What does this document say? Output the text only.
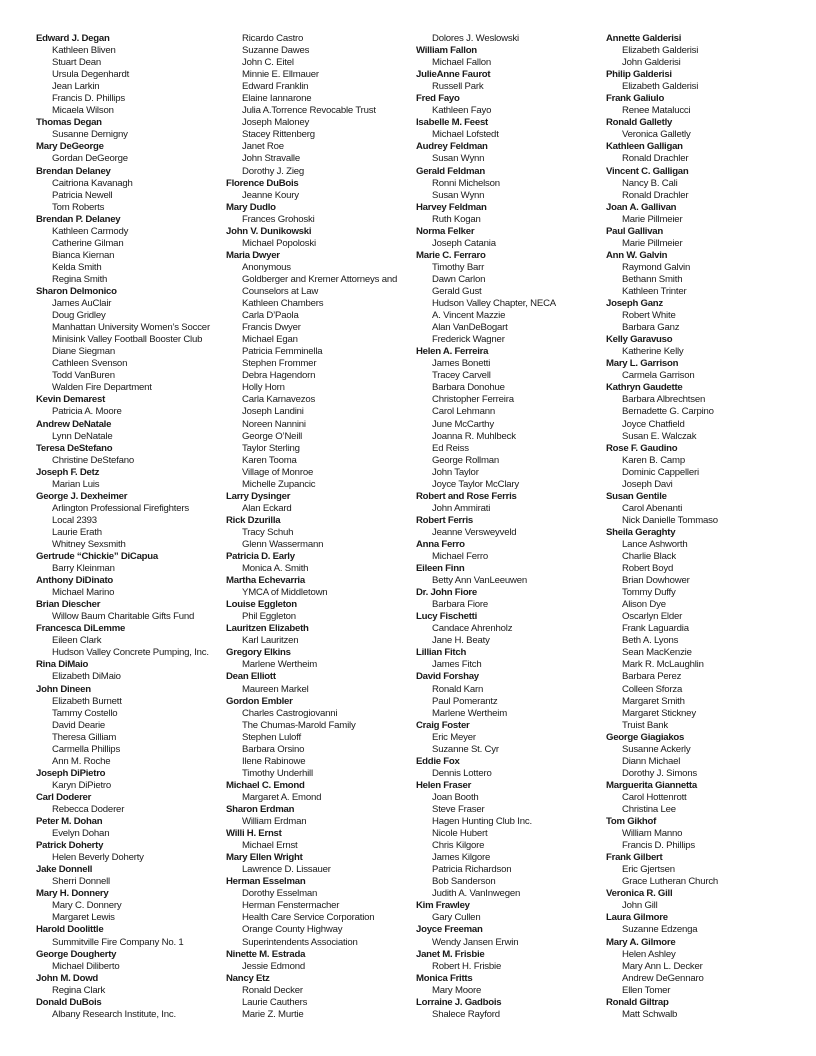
Edward J. Degan
Kathleen Bliven
Stuart Dean
Ursula Degenhardt
Jean Larkin
Francis D. Phillips
Micaela Wilson
Thomas Degan
Susanne Dernigny
Mary DeGeorge
Gordan DeGeorge
Brendan Delaney
Caitriona Kavanagh
Patricia Newell
Tom Roberts
Brendan P. Delaney
Kathleen Carmody
Catherine Gilman
Bianca Kiernan
Kelda Smith
Regina Smith
Sharon Delmonico
James AuClair
Doug Gridley
Manhattan University Women’s Soccer
Minisink Valley Football Booster Club
Diane Siegman
Cathleen Svenson
Todd VanBuren
Walden Fire Department
Kevin Demarest
Patricia A. Moore
Andrew DeNatale
Lynn DeNatale
Teresa DeStefano
Christine DeStefano
Joseph F. Detz
Marian Luis
George J. Dexheimer
Arlington Professional Firefighters Local 2393
Laurie Erath
Whitney Sexsmith
Gertrude “Chickie” DiCapua
Barry Kleinman
Anthony DiDinato
Michael Marino
Brian Diescher
Willow Baum Charitable Gifts Fund
Francesca DiLemme
Eileen Clark
Hudson Valley Concrete Pumping, Inc.
Rina DiMaio
Elizabeth DiMaio
John Dineen
Elizabeth Burnett
Tammy Costello
David Dearie
Theresa Gilliam
Carmella Phillips
Ann M. Roche
Joseph DiPietro
Karyn DiPietro
Carl Doderer
Rebecca Doderer
Peter M. Dohan
Evelyn Dohan
Patrick Doherty
Helen Beverly Doherty
Jake Donnell
Sherri Donnell
Mary H. Donnery
Mary C. Donnery
Margaret Lewis
Harold Doolittle
Summitville Fire Company No. 1
George Dougherty
Michael Diliberto
John M. Dowd
Regina Clark
Donald DuBois
Albany Research Institute, Inc.
Ricardo Castro
Suzanne Dawes
John C. Eitel
Minnie E. Ellmauer
Edward Franklin
Elaine Iannarone
Julia A.Torrence Revocable Trust
Joseph Maloney
Stacey Rittenberg
Janet Roe
John Stravalle
Dorothy J. Zieg
Florence DuBois
Jeanne Koury
Mary Dudlo
Frances Grohoski
John V. Dunikowski
Michael Popoloski
Maria Dwyer
Anonymous
Goldberger and Kremer Attorneys and Counselors at Law
Kathleen Chambers
Carla D’Paola
Francis Dwyer
Michael Egan
Patricia Femminella
Stephen Frommer
Debra Hagendorn
Holly Horn
Carla Karnavezos
Joseph Landini
Noreen Nannini
George O’Neill
Taylor Sterling
Karen Tooma
Village of Monroe
Michelle Zupancic
Larry Dysinger
Alan Eckard
Rick Dzurilla
Tracy Schuh
Glenn Wassermann
Patricia D. Early
Monica A. Smith
Martha Echevarria
YMCA of Middletown
Louise Eggleton
Phil Eggleton
Lauritzen Elizabeth
Karl Lauritzen
Gregory Elkins
Marlene Wertheim
Dean Elliott
Maureen Markel
Gordon Embler
Charles Castrogiovanni
The Chumas-Marold Family
Stephen Luloff
Barbara Orsino
Ilene Rabinowe
Timothy Underhill
Michael C. Emond
Margaret A. Emond
Sharon Erdman
William Erdman
Willi H. Ernst
Michael Ernst
Mary Ellen Wright
Lawrence D. Lissauer
Herman Esselman
Dorothy Esselman
Herman Fenstermacher
Health Care Service Corporation
Orange County Highway Superintendents Association
Ninette M. Estrada
Jessie Edmond
Nancy Etz
Ronald Decker
Laurie Cauthers
Marie Z. Murtie
Dolores J. Weslowski
William Fallon
Michael Fallon
JulieAnne Faurot
Russell Park
Fred Fayo
Kathleen Fayo
Isabelle M. Feest
Michael Lofstedt
Audrey Feldman
Susan Wynn
Gerald Feldman
Ronni Michelson
Susan Wynn
Harvey Feldman
Ruth Kogan
Norma Felker
Joseph Catania
Marie C. Ferraro
Timothy Barr
Dawn Carlon
Gerald Gust
Hudson Valley Chapter, NECA
A. Vincent Mazzie
Alan VanDeBogart
Frederick Wagner
Helen A. Ferreira
James Bonetti
Tracey Carvell
Barbara Donohue
Christopher Ferreira
Carol Lehmann
June McCarthy
Joanna R. Muhlbeck
Ed Reiss
George Rollman
John Taylor
Joyce Taylor McClary
Robert and Rose Ferris
John Ammirati
Robert Ferris
Jeanne Versweyveld
Anna Ferro
Michael Ferro
Eileen Finn
Betty Ann VanLeeuwen
Dr. John Fiore
Barbara Fiore
Lucy Fischetti
Candace Ahrenholz
Jane H. Beaty
Lillian Fitch
James Fitch
David Forshay
Ronald Karn
Paul Pomerantz
Marlene Wertheim
Craig Foster
Eric Meyer
Suzanne St. Cyr
Eddie Fox
Dennis Lottero
Helen Fraser
Joan Booth
Steve Fraser
Hagen Hunting Club Inc.
Nicole Hubert
Chris Kilgore
James Kilgore
Patricia Richardson
Bob Sanderson
Judith A. VanInwegen
Kim Frawley
Gary Cullen
Joyce Freeman
Wendy Jansen Erwin
Janet M. Frisbie
Robert H. Frisbie
Monica Fritts
Mary Moore
Lorraine J. Gadbois
Shalece Rayford
Annette Galderisi
Elizabeth Galderisi
John Galderisi
Philip Galderisi
Elizabeth Galderisi
Frank Galiulo
Renee Matalucci
Ronald Galletly
Veronica Galletly
Kathleen Galligan
Ronald Drachler
Vincent C. Galligan
Nancy B. Cali
Ronald Drachler
Joan A. Gallivan
Marie Pillmeier
Paul Gallivan
Marie Pillmeier
Ann W. Galvin
Raymond Galvin
Bethann Smith
Kathleen Trinter
Joseph Ganz
Robert White
Barbara Ganz
Kelly Garavuso
Katherine Kelly
Mary L. Garrison
Carmela Garrison
Kathryn Gaudette
Barbara Albrechtsen
Bernadette G. Carpino
Joyce Chatfield
Susan E. Walczak
Rose F. Gaudino
Karen B. Camp
Dominic Cappelleri
Joseph Davi
Susan Gentile
Carol Abenanti
Nick Danielle Tommaso
Sheila Geraghty
Lance Ashworth
Charlie Black
Robert Boyd
Brian Dowhower
Tommy Duffy
Alison Dye
Oscarlyn Elder
Frank Laguardia
Beth A. Lyons
Sean MacKenzie
Mark R. McLaughlin
Barbara Perez
Colleen Sforza
Margaret Smith
Margaret Stickney
Truist Bank
George Giagiakos
Susanne Ackerly
Diann Michael
Dorothy J. Simons
Marguerita Giannetta
Carol Hottenrott
Christina Lee
Tom Gikhof
William Manno
Francis D. Phillips
Frank Gilbert
Eric Gjertsen
Grace Lutheran Church
Veronica R. Gill
John Gill
Laura Gilmore
Suzanne Edzenga
Mary A. Gilmore
Helen Ashley
Mary Ann L. Decker
Andrew DeGennaro
Ellen Tomer
Ronald Giltrap
Matt Schwalb
